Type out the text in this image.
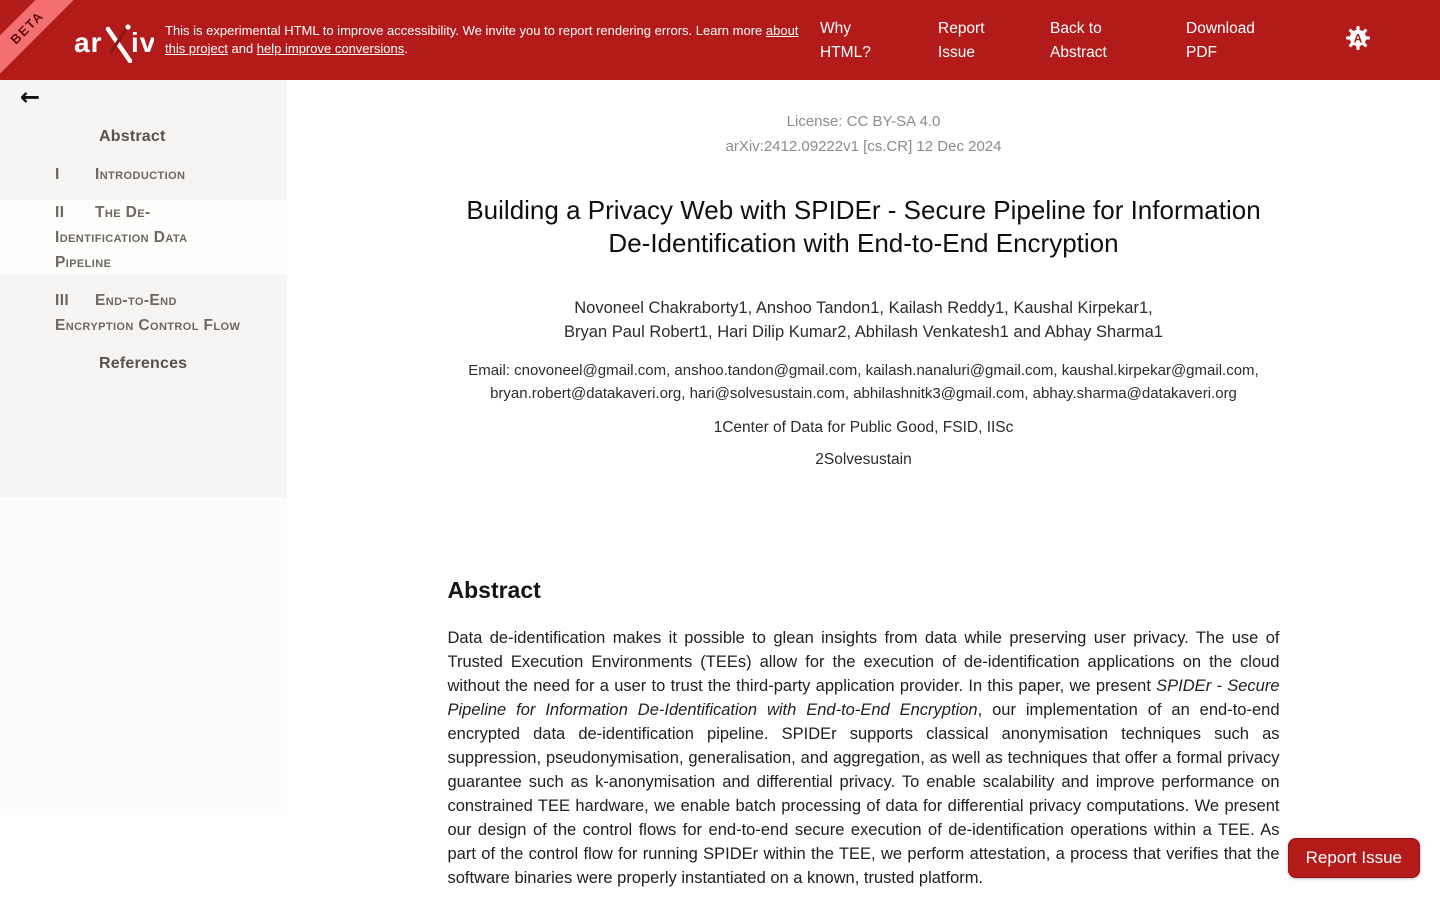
BETA ar iv This is experimental HTML to improve accessibility. We invite you to report rendering errors. Learn more about this project and help improve conversions.
Why HTML?
Report Issue
Back to Abstract
Download PDF
A
←
Abstract
I Introduction
II The De-Identification Data Pipeline
III End-to-End Encryption Control Flow
References
License: CC BY-SA 4.0
arXiv:2412.09222v1 [cs.CR] 12 Dec 2024
Building a Privacy Web with SPIDEr - Secure Pipeline for Information De-Identification with End-to-End Encryption
Novoneel Chakraborty1, Anshoo Tandon1, Kailash Reddy1, Kaushal Kirpekar1,
Bryan Paul Robert1, Hari Dilip Kumar2, Abhilash Venkatesh1 and Abhay Sharma1
Email: cnovoneel@gmail.com, anshoo.tandon@gmail.com, kailash.nanaluri@gmail.com, kaushal.kirpekar@gmail.com, bryan.robert@datakaveri.org, hari@solvesustain.com, abhilashnitk3@gmail.com, abhay.sharma@datakaveri.org
1Center of Data for Public Good, FSID, IISc
2Solvesustain
Abstract

Data de-identification makes it possible to glean insights from data while preserving user privacy. The use of Trusted Execution Environments (TEEs) allow for the execution of de-identification applications on the cloud without the need for a user to trust the third-party application provider. In this paper, we present SPIDEr - Secure Pipeline for Information De-Identification with End-to-End Encryption, our implementation of an end-to-end encrypted data de-identification pipeline. SPIDEr supports classical anonymisation techniques such as suppression, pseudonymisation, generalisation, and aggregation, as well as techniques that offer a formal privacy guarantee such as k-anonymisation and differential privacy. To enable scalability and improve performance on constrained TEE hardware, we enable batch processing of data for differential privacy computations. We present our design of the control flows for end-to-end secure execution of de-identification operations within a TEE. As part of the control flow for running SPIDEr within the TEE, we perform attestation, a process that verifies that the software binaries were properly instantiated on a known, trusted platform.

Report Issue
